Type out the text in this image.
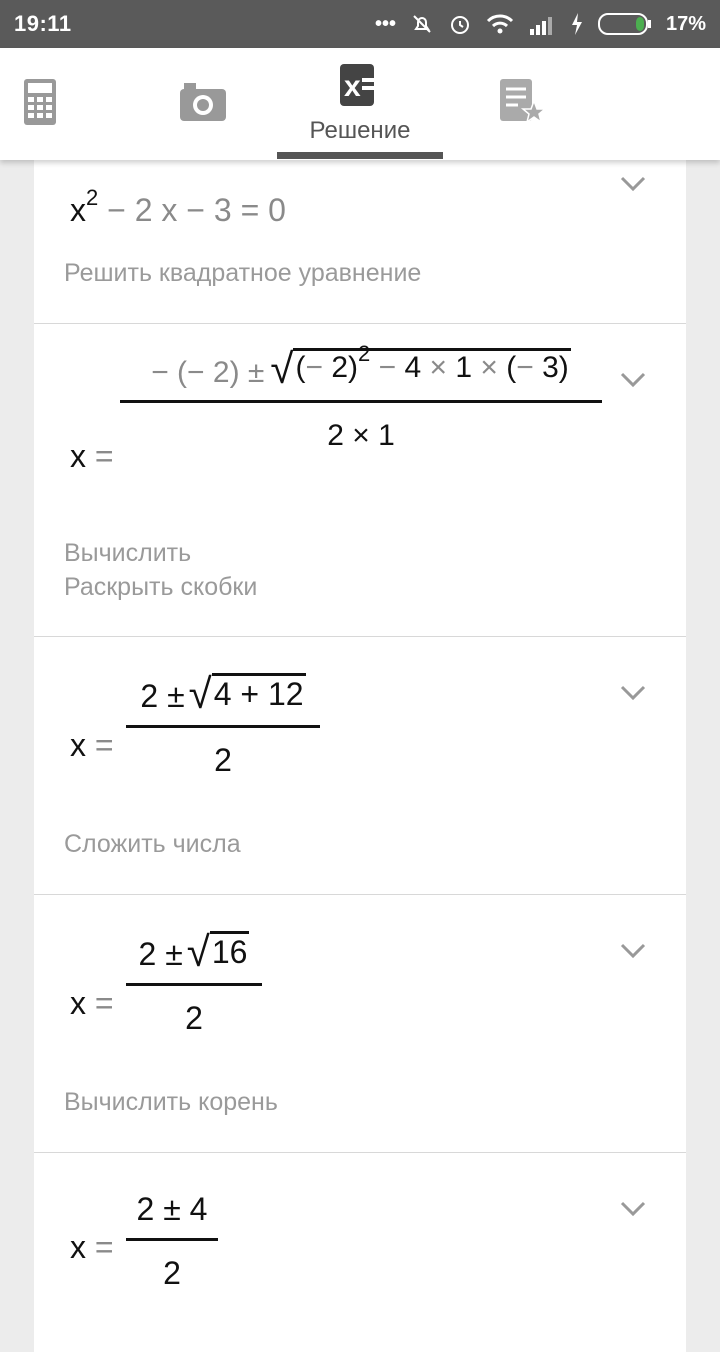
19:11	•••	17%
x
Решение
$x^2 - 2$ x − 3 = 0
Решить квадратное уравнение
x =
− (− 2) ± √ (− 2)$^2$ − 4 × 1 × (− 3)
2 × 1
Вычислить
Раскрыть скобки
x =
2 ± √ 4 + 12
2
Сложить числа
x =
2 ± √ 16
2
Вычислить корень
x =
2 ± 4
2
